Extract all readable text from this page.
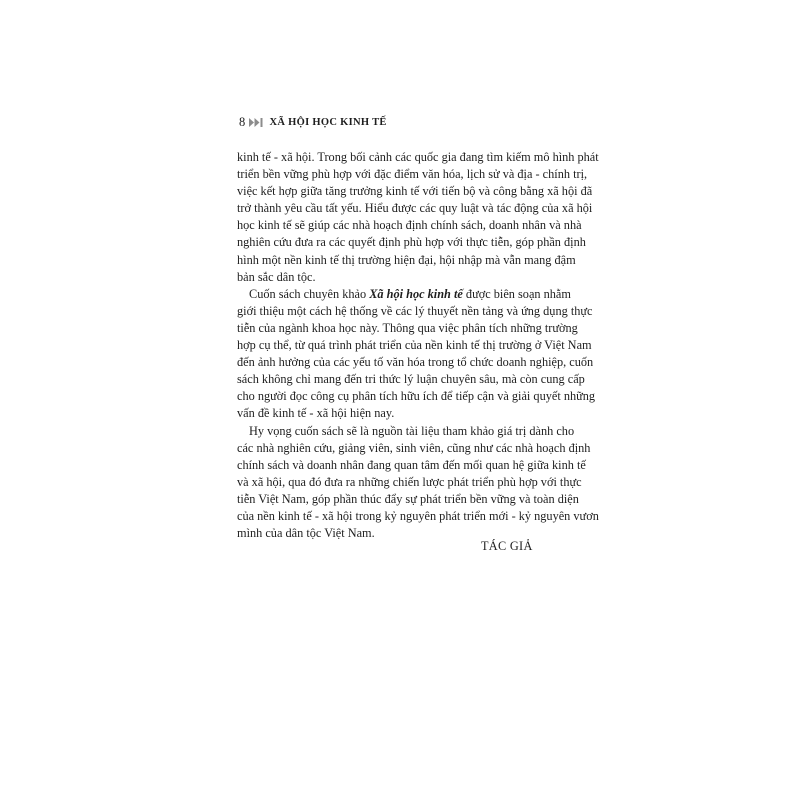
8 XÃ HỘI HỌC KINH TẾ
kinh tế - xã hội. Trong bối cảnh các quốc gia đang tìm kiếm mô hình phát
triển bền vững phù hợp với đặc điểm văn hóa, lịch sử và địa - chính trị,
việc kết hợp giữa tăng trưởng kinh tế với tiến bộ và công bằng xã hội đã
trở thành yêu cầu tất yếu. Hiểu được các quy luật và tác động của xã hội
học kinh tế sẽ giúp các nhà hoạch định chính sách, doanh nhân và nhà
nghiên cứu đưa ra các quyết định phù hợp với thực tiễn, góp phần định
hình một nền kinh tế thị trường hiện đại, hội nhập mà vẫn mang đậm
bản sắc dân tộc.
Cuốn sách chuyên khảo Xã hội học kinh tế được biên soạn nhằm
giới thiệu một cách hệ thống về các lý thuyết nền tảng và ứng dụng thực
tiễn của ngành khoa học này. Thông qua việc phân tích những trường
hợp cụ thể, từ quá trình phát triển của nền kinh tế thị trường ở Việt Nam
đến ảnh hưởng của các yếu tố văn hóa trong tổ chức doanh nghiệp, cuốn
sách không chỉ mang đến tri thức lý luận chuyên sâu, mà còn cung cấp
cho người đọc công cụ phân tích hữu ích để tiếp cận và giải quyết những
vấn đề kinh tế - xã hội hiện nay.
Hy vọng cuốn sách sẽ là nguồn tài liệu tham khảo giá trị dành cho
các nhà nghiên cứu, giảng viên, sinh viên, cũng như các nhà hoạch định
chính sách và doanh nhân đang quan tâm đến mối quan hệ giữa kinh tế
và xã hội, qua đó đưa ra những chiến lược phát triển phù hợp với thực
tiễn Việt Nam, góp phần thúc đẩy sự phát triển bền vững và toàn diện
của nền kinh tế - xã hội trong kỷ nguyên phát triển mới - kỷ nguyên vươn
mình của dân tộc Việt Nam.
TÁC GIẢ
